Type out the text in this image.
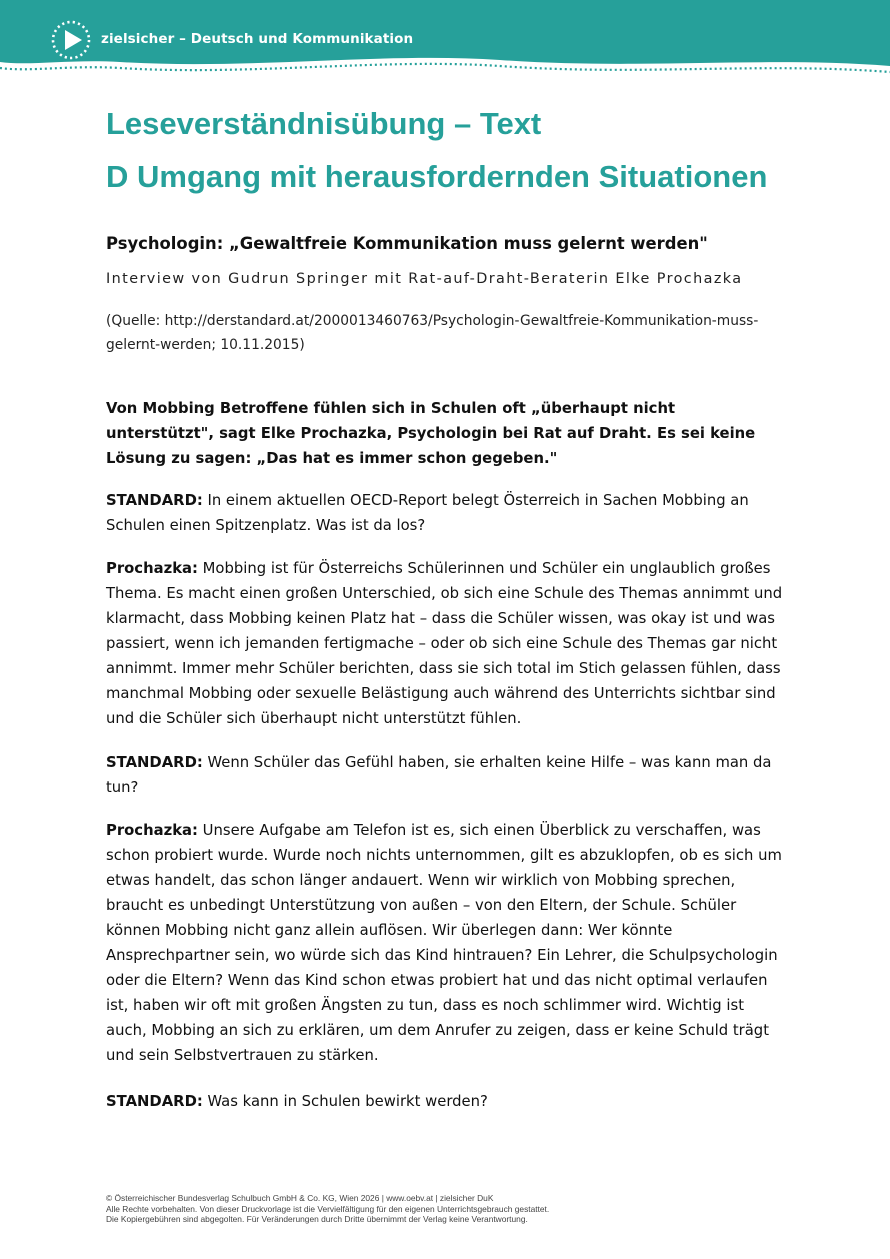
zielsicher – Deutsch und Kommunikation
Leseverständnisübung – Text
D Umgang mit herausfordernden Situationen
Psychologin: „Gewaltfreie Kommunikation muss gelernt werden"

Interview von Gudrun Springer mit Rat-auf-Draht-Beraterin Elke Prochazka

(Quelle: http://derstandard.at/2000013460763/Psychologin-Gewaltfreie-Kommunikation-muss-gelernt-werden; 10.11.2015)

Von Mobbing Betroffene fühlen sich in Schulen oft „überhaupt nicht unterstützt", sagt Elke Prochazka, Psychologin bei Rat auf Draht. Es sei keine Lösung zu sagen: „Das hat es immer schon gegeben."

STANDARD: In einem aktuellen OECD-Report belegt Österreich in Sachen Mobbing an Schulen einen Spitzenplatz. Was ist da los?

Prochazka: Mobbing ist für Österreichs Schülerinnen und Schüler ein unglaublich großes Thema. Es macht einen großen Unterschied, ob sich eine Schule des Themas annimmt und klarmacht, dass Mobbing keinen Platz hat – dass die Schüler wissen, was okay ist und was passiert, wenn ich jemanden fertigmache – oder ob sich eine Schule des Themas gar nicht annimmt. Immer mehr Schüler berichten, dass sie sich total im Stich gelassen fühlen, dass manchmal Mobbing oder sexuelle Belästigung auch während des Unterrichts sichtbar sind und die Schüler sich überhaupt nicht unterstützt fühlen.

STANDARD: Wenn Schüler das Gefühl haben, sie erhalten keine Hilfe – was kann man da tun?

Prochazka: Unsere Aufgabe am Telefon ist es, sich einen Überblick zu verschaffen, was schon probiert wurde. Wurde noch nichts unternommen, gilt es abzuklopfen, ob es sich um etwas handelt, das schon länger andauert. Wenn wir wirklich von Mobbing sprechen, braucht es unbedingt Unterstützung von außen – von den Eltern, der Schule. Schüler können Mobbing nicht ganz allein auflösen. Wir überlegen dann: Wer könnte Ansprechpartner sein, wo würde sich das Kind hintrauen? Ein Lehrer, die Schulpsychologin oder die Eltern? Wenn das Kind schon etwas probiert hat und das nicht optimal verlaufen ist, haben wir oft mit großen Ängsten zu tun, dass es noch schlimmer wird. Wichtig ist auch, Mobbing an sich zu erklären, um dem Anrufer zu zeigen, dass er keine Schuld trägt und sein Selbstvertrauen zu stärken.

STANDARD: Was kann in Schulen bewirkt werden?

© Österreichischer Bundesverlag Schulbuch GmbH & Co. KG, Wien 2026 | www.oebv.at | zielsicher DuK
Alle Rechte vorbehalten. Von dieser Druckvorlage ist die Vervielfältigung für den eigenen Unterrichtsgebrauch gestattet.
Die Kopiergebühren sind abgegolten. Für Veränderungen durch Dritte übernimmt der Verlag keine Verantwortung.
